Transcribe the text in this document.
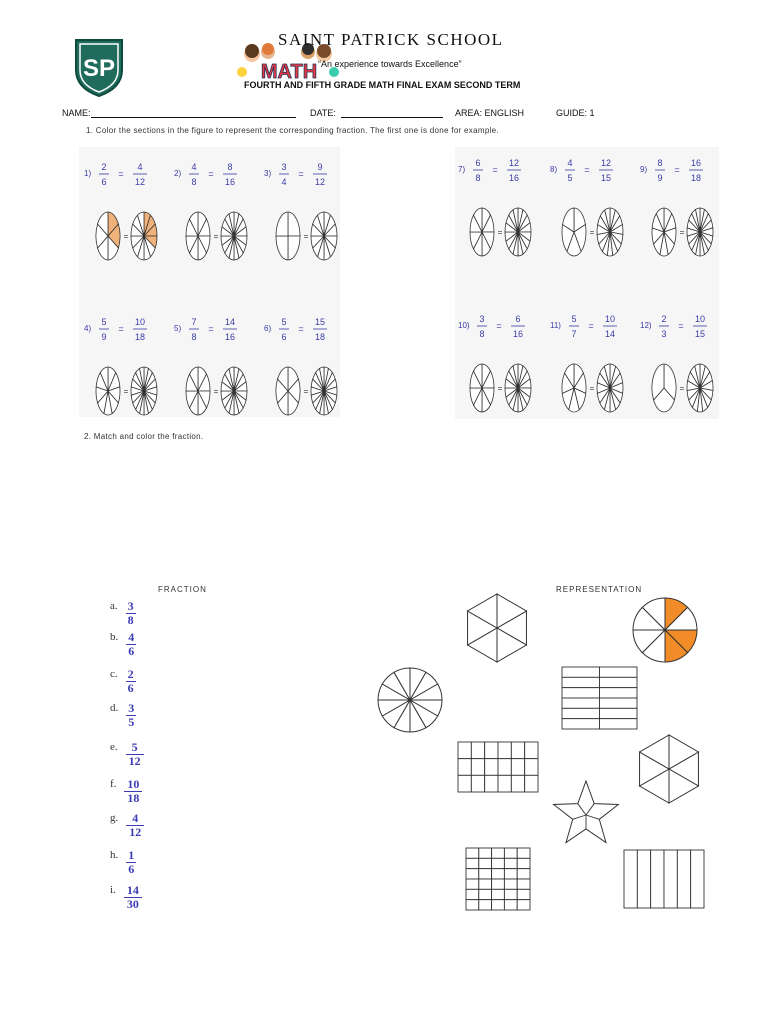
SP	MATH
SAINT PATRICK SCHOOL
“An experience towards Excellence”
FOURTH AND FIFTH GRADE MATH FINAL EXAM SECOND TERM
NAME:	DATE:	AREA: ENGLISH	GUIDE: 1
1. Color the sections in the figure to represent the corresponding fraction. The first one is done for example.
1)
2
6
=
4
12
=
2)
4
8
=
8
16
=
3)
3
4
=
9
12
=
4)
5
9
=
10
18
=
5)
7
8
=
14
16
=
6)
5
6
=
15
18
=
7)
6
8
=
12
16
=
8)
4
5
=
12
15
=
9)
8
9
=
16
18
=
10)
3
8
=
6
16
=
11)
5
7
=
10
14
=
12)
2
3
=
10
15
=
2. Match and color the fraction.
FRACTION	REPRESENTATION
a. 3
8
b. 4
6
c. 2
6
d. 3
5
e.	5
12
f. 10
18
g.	4
12
h. 1
6
i. 14
30
